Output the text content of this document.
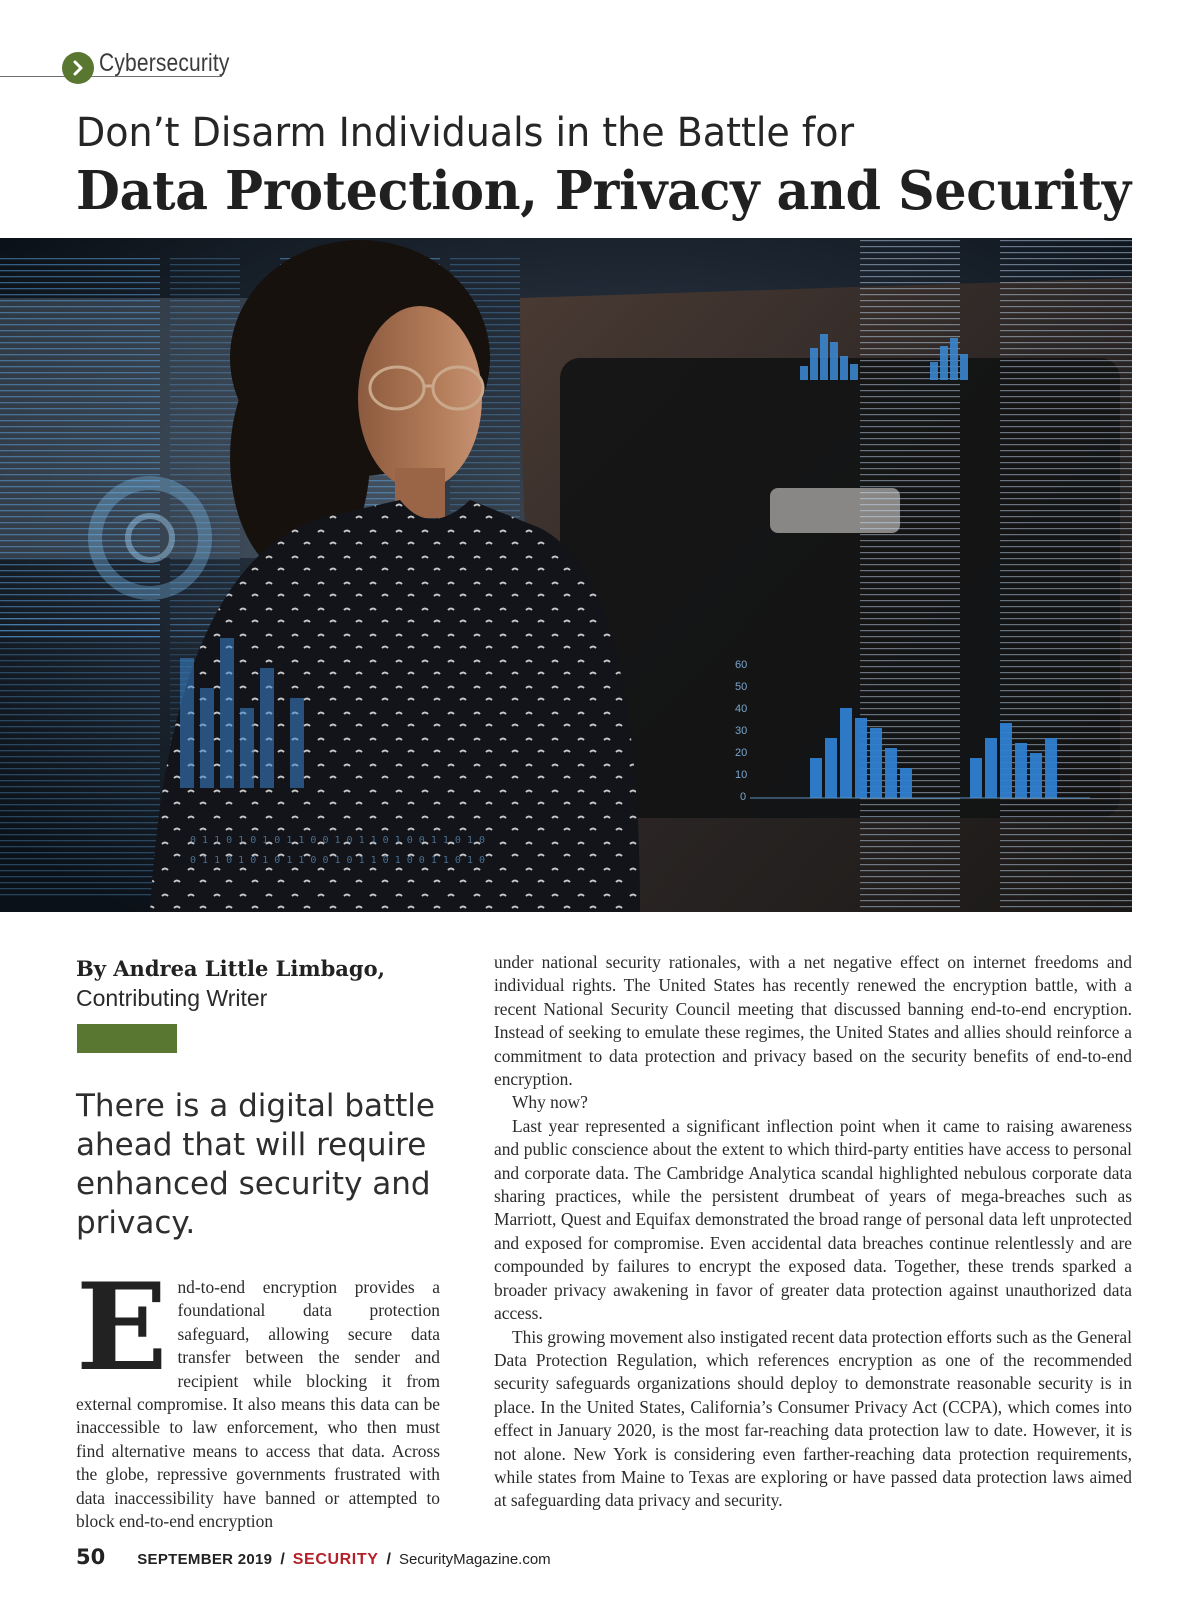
Cybersecurity
Don’t Disarm Individuals in the Battle for
Data Protection, Privacy and Security
60
50
40
30
20
10
0
0 1 1 0 1 0 1 0 1 1 0 0 1 0 1 1 0 1 0 0 1 1 0 1 0
0 1 1 0 1 0 1 0 1 1 0 0 1 0 1 1 0 1 0 0 1 1 0 1 0
By Andrea Little Limbago,
Contributing Writer
There is a digital battle ahead that will require enhanced security and privacy.
End-to-end encryption provides a foundational data protection safeguard, allowing secure data transfer between the sender and recipient while blocking it from external compromise. It also means this data can be inaccessible to law enforcement, who then must find alternative means to access that data. Across the globe, repressive governments frustrated with data inaccessibility have banned or attempted to block end-to-end encryption

under national security rationales, with a net negative effect on internet freedoms and individual rights. The United States has recently renewed the encryption battle, with a recent National Security Council meeting that discussed banning end-to-end encryption. Instead of seeking to emulate these regimes, the United States and allies should reinforce a commitment to data protection and privacy based on the security benefits of end-to-end encryption.

Why now?

Last year represented a significant inflection point when it came to raising awareness and public conscience about the extent to which third-party entities have access to personal and corporate data. The Cambridge Analytica scandal highlighted nebulous corporate data sharing practices, while the persistent drumbeat of years of mega-breaches such as Marriott, Quest and Equifax demonstrated the broad range of personal data left unprotected and exposed for compromise. Even accidental data breaches continue relentlessly and are compounded by failures to encrypt the exposed data. Together, these trends sparked a broader privacy awakening in favor of greater data protection against unauthorized data access.

This growing movement also instigated recent data protection efforts such as the General Data Protection Regulation, which references encryption as one of the recommended security safeguards organizations should deploy to demonstrate reasonable security is in place. In the United States, California’s Consumer Privacy Act (CCPA), which comes into effect in January 2020, is the most far-reaching data protection law to date. However, it is not alone. New York is considering even farther-reaching data protection requirements, while states from Maine to Texas are exploring or have passed data protection laws aimed at safeguarding data privacy and security.

50 SEPTEMBER 2019 / SECURITY / SecurityMagazine.com
